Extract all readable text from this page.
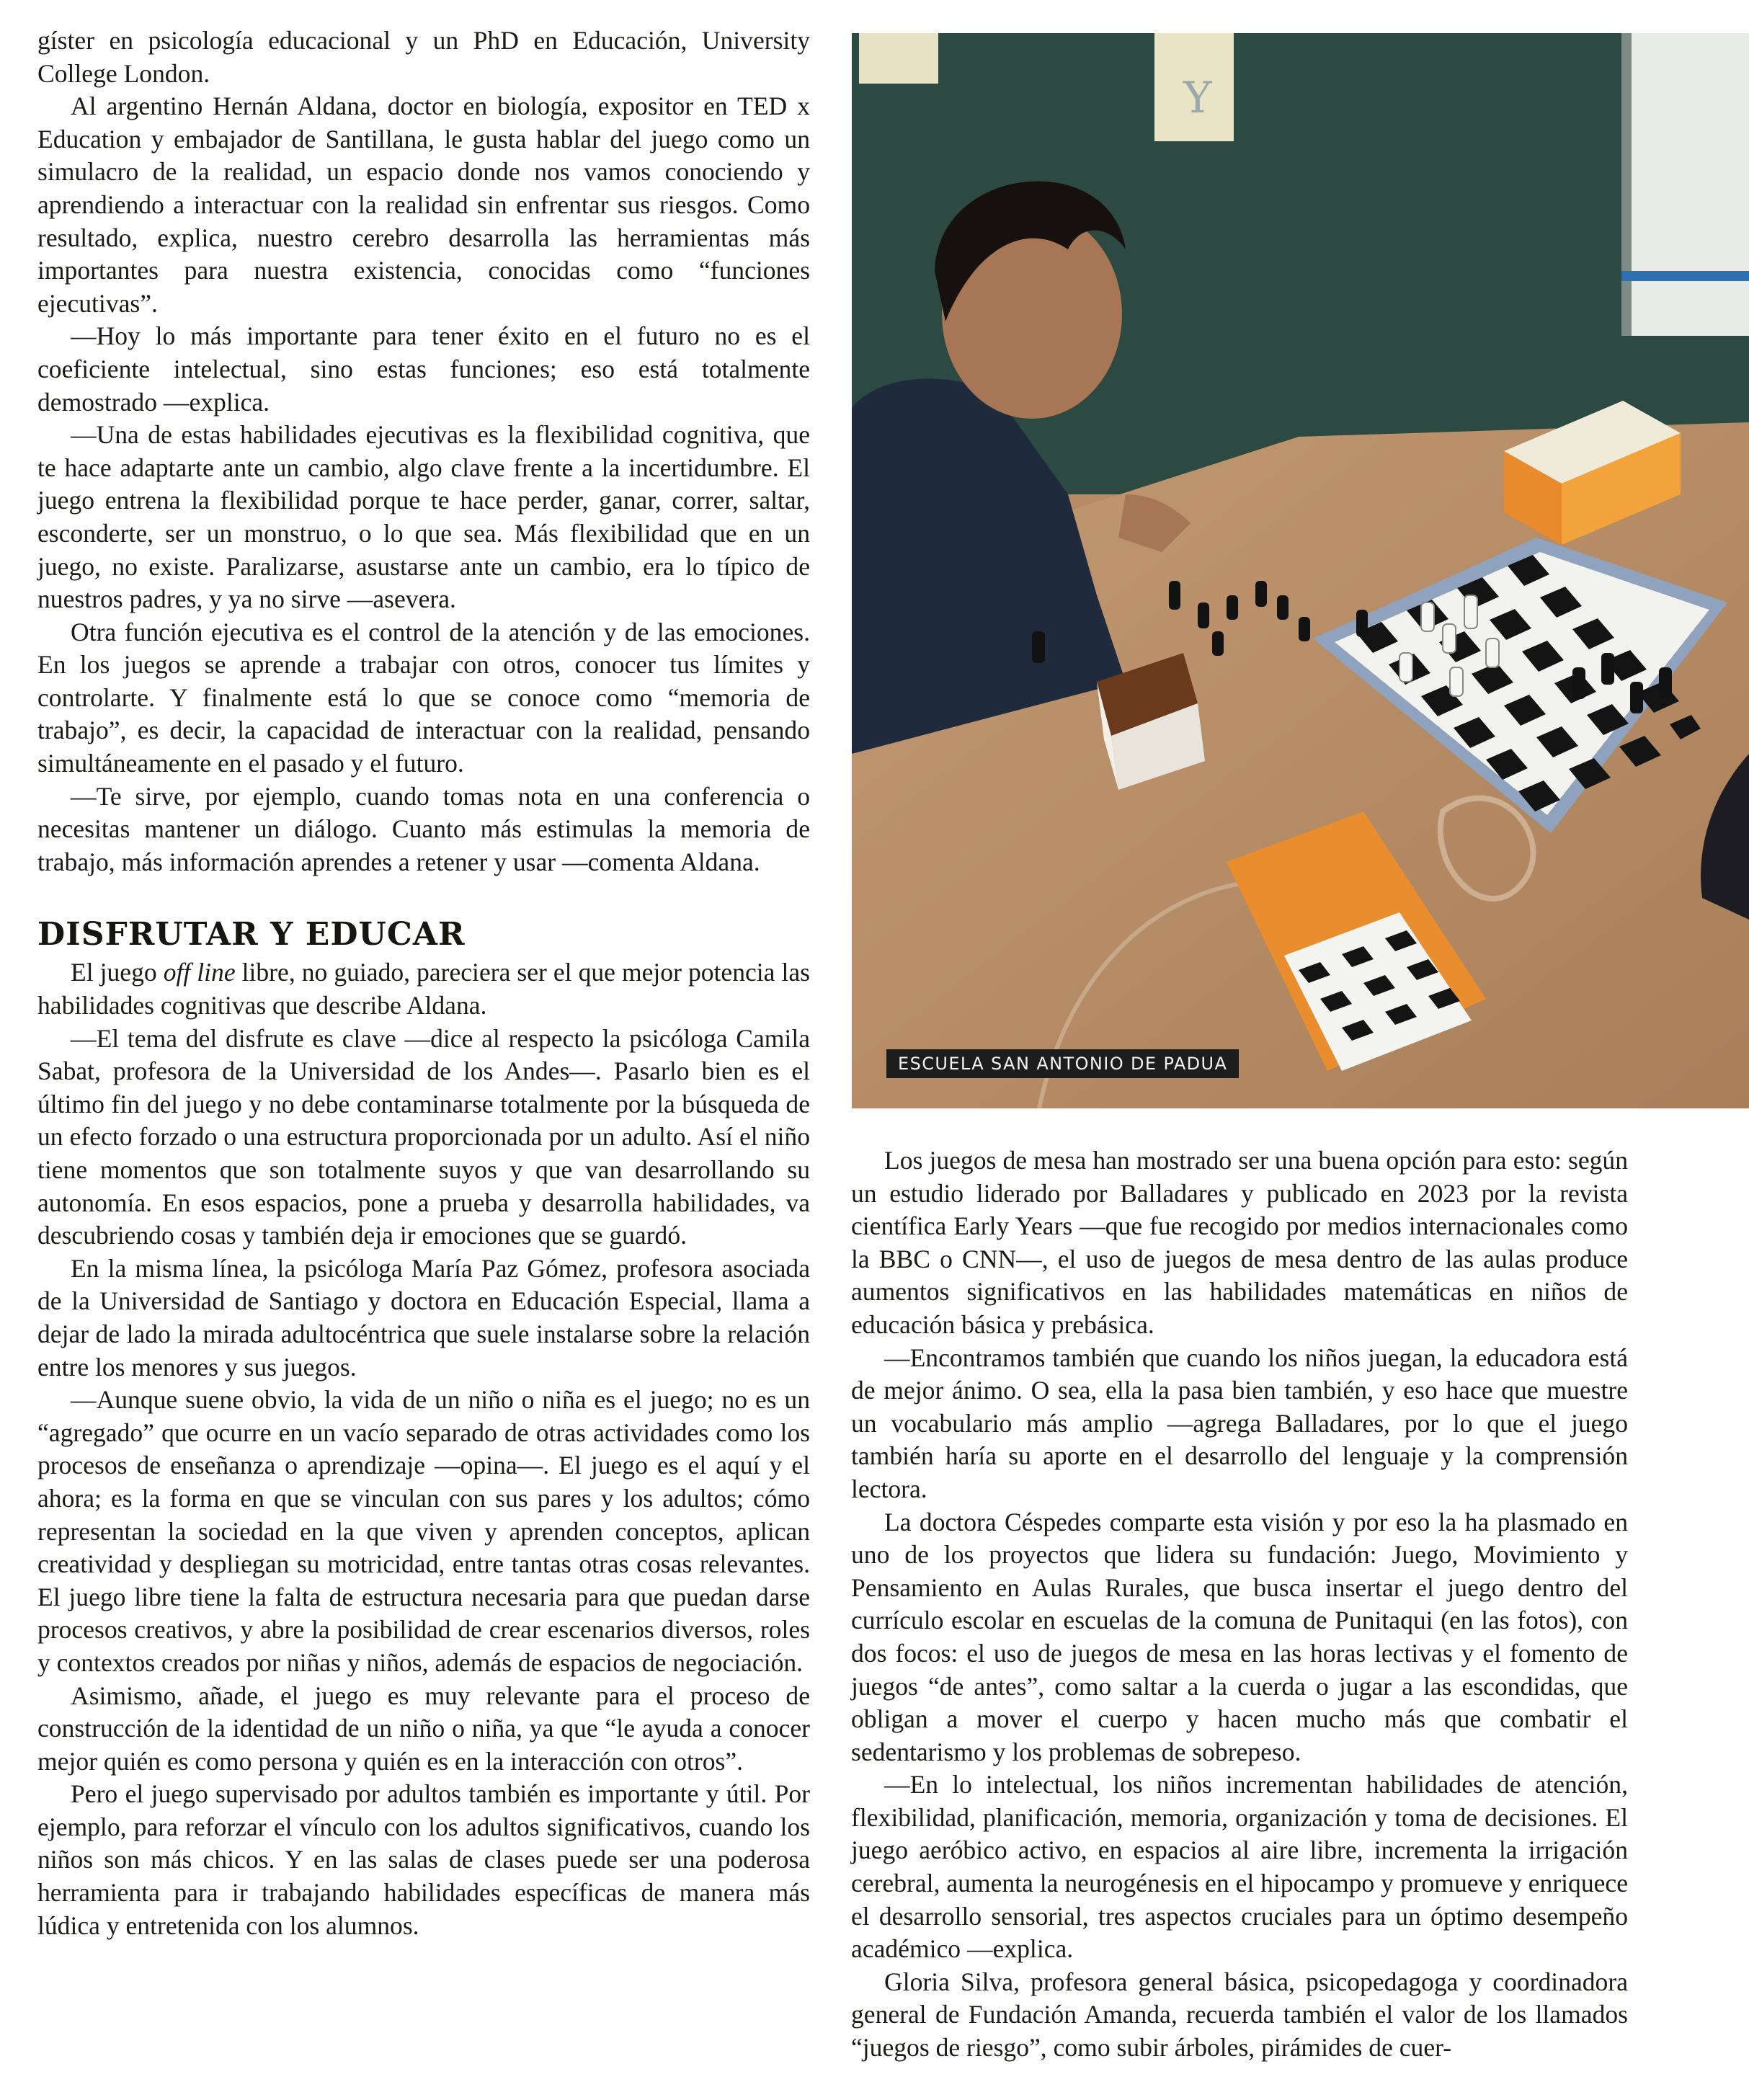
gíster en psicología educacional y un PhD en Educación, University College London.

Al argentino Hernán Aldana, doctor en biología, expositor en TED x Education y embajador de Santillana, le gusta hablar del juego como un simulacro de la realidad, un espacio donde nos vamos conociendo y aprendiendo a interactuar con la realidad sin enfrentar sus riesgos. Como resultado, explica, nuestro cerebro desarrolla las herramientas más importantes para nuestra existencia, conocidas como “funciones ejecutivas”.

—Hoy lo más importante para tener éxito en el futuro no es el coeficiente intelectual, sino estas funciones; eso está totalmente demostrado —explica.

—Una de estas habilidades ejecutivas es la flexibilidad cognitiva, que te hace adaptarte ante un cambio, algo clave frente a la incertidumbre. El juego entrena la flexibilidad porque te hace perder, ganar, correr, saltar, esconderte, ser un monstruo, o lo que sea. Más flexibilidad que en un juego, no existe. Paralizarse, asustarse ante un cambio, era lo típico de nuestros padres, y ya no sirve —asevera.

Otra función ejecutiva es el control de la atención y de las emociones. En los juegos se aprende a trabajar con otros, conocer tus límites y controlarte. Y finalmente está lo que se conoce como “memoria de trabajo”, es decir, la capacidad de interactuar con la realidad, pensando simultáneamente en el pasado y el futuro.

—Te sirve, por ejemplo, cuando tomas nota en una conferencia o necesitas mantener un diálogo. Cuanto más estimulas la memoria de trabajo, más información aprendes a retener y usar —comenta Aldana.

DISFRUTAR Y EDUCAR

El juego off line libre, no guiado, pareciera ser el que mejor potencia las habilidades cognitivas que describe Aldana.

—El tema del disfrute es clave —dice al respecto la psicóloga Camila Sabat, profesora de la Universidad de los Andes—. Pasarlo bien es el último fin del juego y no debe contaminarse totalmente por la búsqueda de un efecto forzado o una estructura proporcionada por un adulto. Así el niño tiene momentos que son totalmente suyos y que van desarrollando su autonomía. En esos espacios, pone a prueba y desarrolla habilidades, va descubriendo cosas y también deja ir emociones que se guardó.

En la misma línea, la psicóloga María Paz Gómez, profesora asociada de la Universidad de Santiago y doctora en Educación Especial, llama a dejar de lado la mirada adultocéntrica que suele instalarse sobre la relación entre los menores y sus juegos.

—Aunque suene obvio, la vida de un niño o niña es el juego; no es un “agregado” que ocurre en un vacío separado de otras actividades como los procesos de enseñanza o aprendizaje —opina—. El juego es el aquí y el ahora; es la forma en que se vinculan con sus pares y los adultos; cómo representan la sociedad en la que viven y aprenden conceptos, aplican creatividad y despliegan su motricidad, entre tantas otras cosas relevantes. El juego libre tiene la falta de estructura necesaria para que puedan darse procesos creativos, y abre la posibilidad de crear escenarios diversos, roles y contextos creados por niñas y niños, además de espacios de negociación.

Asimismo, añade, el juego es muy relevante para el proceso de construcción de la identidad de un niño o niña, ya que “le ayuda a conocer mejor quién es como persona y quién es en la interacción con otros”.

Pero el juego supervisado por adultos también es importante y útil. Por ejemplo, para reforzar el vínculo con los adultos significativos, cuando los niños son más chicos. Y en las salas de clases puede ser una poderosa herramienta para ir trabajando habilidades específicas de manera más lúdica y entretenida con los alumnos.

Y
ESCUELA SAN ANTONIO DE PADUA

Los juegos de mesa han mostrado ser una buena opción para esto: según un estudio liderado por Balladares y publicado en 2023 por la revista científica Early Years —que fue recogido por medios internacionales como la BBC o CNN—, el uso de juegos de mesa dentro de las aulas produce aumentos significativos en las habilidades matemáticas en niños de educación básica y prebásica.

—Encontramos también que cuando los niños juegan, la educadora está de mejor ánimo. O sea, ella la pasa bien también, y eso hace que muestre un vocabulario más amplio —agrega Balladares, por lo que el juego también haría su aporte en el desarrollo del lenguaje y la comprensión lectora.

La doctora Céspedes comparte esta visión y por eso la ha plasmado en uno de los proyectos que lidera su fundación: Juego, Movimiento y Pensamiento en Aulas Rurales, que busca insertar el juego dentro del currículo escolar en escuelas de la comuna de Punitaqui (en las fotos), con dos focos: el uso de juegos de mesa en las horas lectivas y el fomento de juegos “de antes”, como saltar a la cuerda o jugar a las escondidas, que obligan a mover el cuerpo y hacen mucho más que combatir el sedentarismo y los problemas de sobrepeso.

—En lo intelectual, los niños incrementan habilidades de atención, flexibilidad, planificación, memoria, organización y toma de decisiones. El juego aeróbico activo, en espacios al aire libre, incrementa la irrigación cerebral, aumenta la neurogénesis en el hipocampo y promueve y enriquece el desarrollo sensorial, tres aspectos cruciales para un óptimo desempeño académico —explica.

Gloria Silva, profesora general básica, psicopedagoga y coordinadora general de Fundación Amanda, recuerda también el valor de los llamados “juegos de riesgo”, como subir árboles, pirámides de cuer-
